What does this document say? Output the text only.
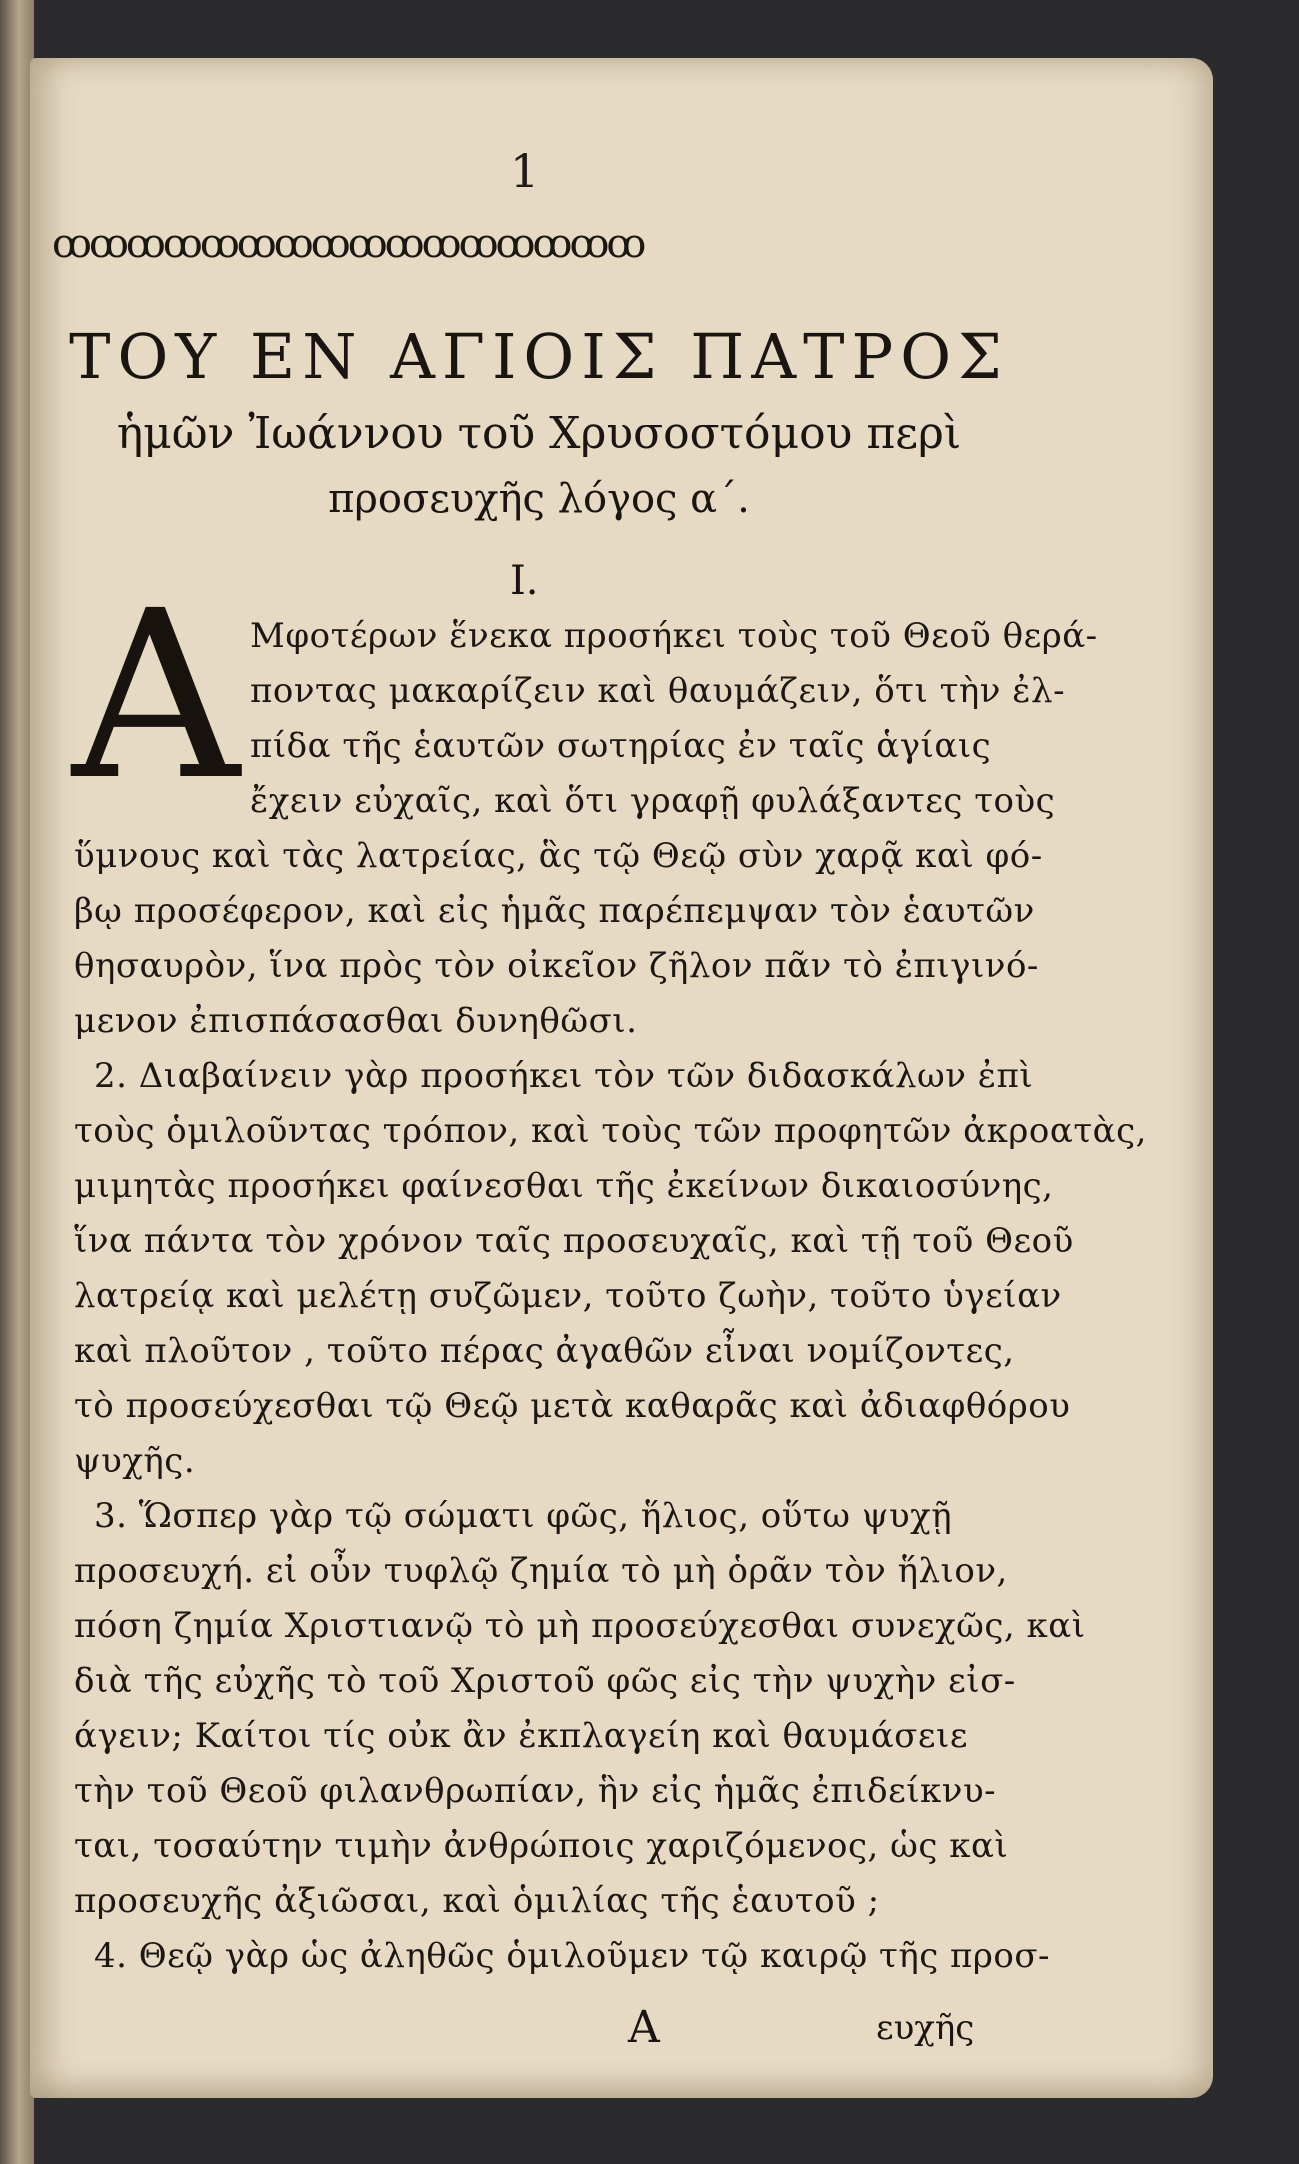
1
ꝏꝏꝏꝏꝏꝏꝏꝏꝏꝏꝏꝏꝏꝏꝏꝏ
ΤΟΥ ΕΝ ΑΓΙΟΙΣ ΠΑΤΡΟΣ
ἡμῶν Ἰωάννου τοῦ Χρυσοστόμου περὶ
προσευχῆς λόγος α΄.
Ι.
Α Μφοτέρων ἕνεκα προσήκει τοὺς τοῦ Θεοῦ θερά-
ποντας μακαρίζειν καὶ θαυμάζειν, ὅτι τὴν ἐλ-
πίδα τῆς ἑαυτῶν σωτηρίας ἐν ταῖς ἁγίαις
ἔχειν εὐχαῖς, καὶ ὅτι γραφῇ φυλάξαντες τοὺς
ὕμνους καὶ τὰς λατρείας, ἃς τῷ Θεῷ σὺν χαρᾷ καὶ φό-
βῳ προσέφερον, καὶ εἰς ἡμᾶς παρέπεμψαν τὸν ἑαυτῶν
θησαυρὸν, ἵνα πρὸς τὸν οἰκεῖον ζῆλον πᾶν τὸ ἐπιγινό-
μενον ἐπισπάσασθαι δυνηθῶσι.
2. Διαβαίνειν γὰρ προσήκει τὸν τῶν διδασκάλων ἐπὶ
τοὺς ὁμιλοῦντας τρόπον, καὶ τοὺς τῶν προφητῶν ἀκροατὰς,
μιμητὰς προσήκει φαίνεσθαι τῆς ἐκείνων δικαιοσύνης,
ἵνα πάντα τὸν χρόνον ταῖς προσευχαῖς, καὶ τῇ τοῦ Θεοῦ
λατρείᾳ καὶ μελέτῃ συζῶμεν, τοῦτο ζωὴν, τοῦτο ὑγείαν
καὶ πλοῦτον , τοῦτο πέρας ἀγαθῶν εἶναι νομίζοντες,
τὸ προσεύχεσθαι τῷ Θεῷ μετὰ καθαρᾶς καὶ ἀδιαφθόρου
ψυχῆς.
3. Ὥσπερ γὰρ τῷ σώματι φῶς, ἥλιος, οὕτω ψυχῇ
προσευχή. εἰ οὖν τυφλῷ ζημία τὸ μὴ ὁρᾶν τὸν ἥλιον,
πόση ζημία Χριστιανῷ τὸ μὴ προσεύχεσθαι συνεχῶς, καὶ
διὰ τῆς εὐχῆς τὸ τοῦ Χριστοῦ φῶς εἰς τὴν ψυχὴν εἰσ-
άγειν; Καίτοι τίς οὐκ ἂν ἐκπλαγείη καὶ θαυμάσειε
τὴν τοῦ Θεοῦ φιλανθρωπίαν, ἣν εἰς ἡμᾶς ἐπιδείκνυ-
ται, τοσαύτην τιμὴν ἀνθρώποις χαριζόμενος, ὡς καὶ
προσευχῆς ἀξιῶσαι, καὶ ὁμιλίας τῆς ἑαυτοῦ ;
4. Θεῷ γὰρ ὡς ἀληθῶς ὁμιλοῦμεν τῷ καιρῷ τῆς προσ-
A	ευχῆς
